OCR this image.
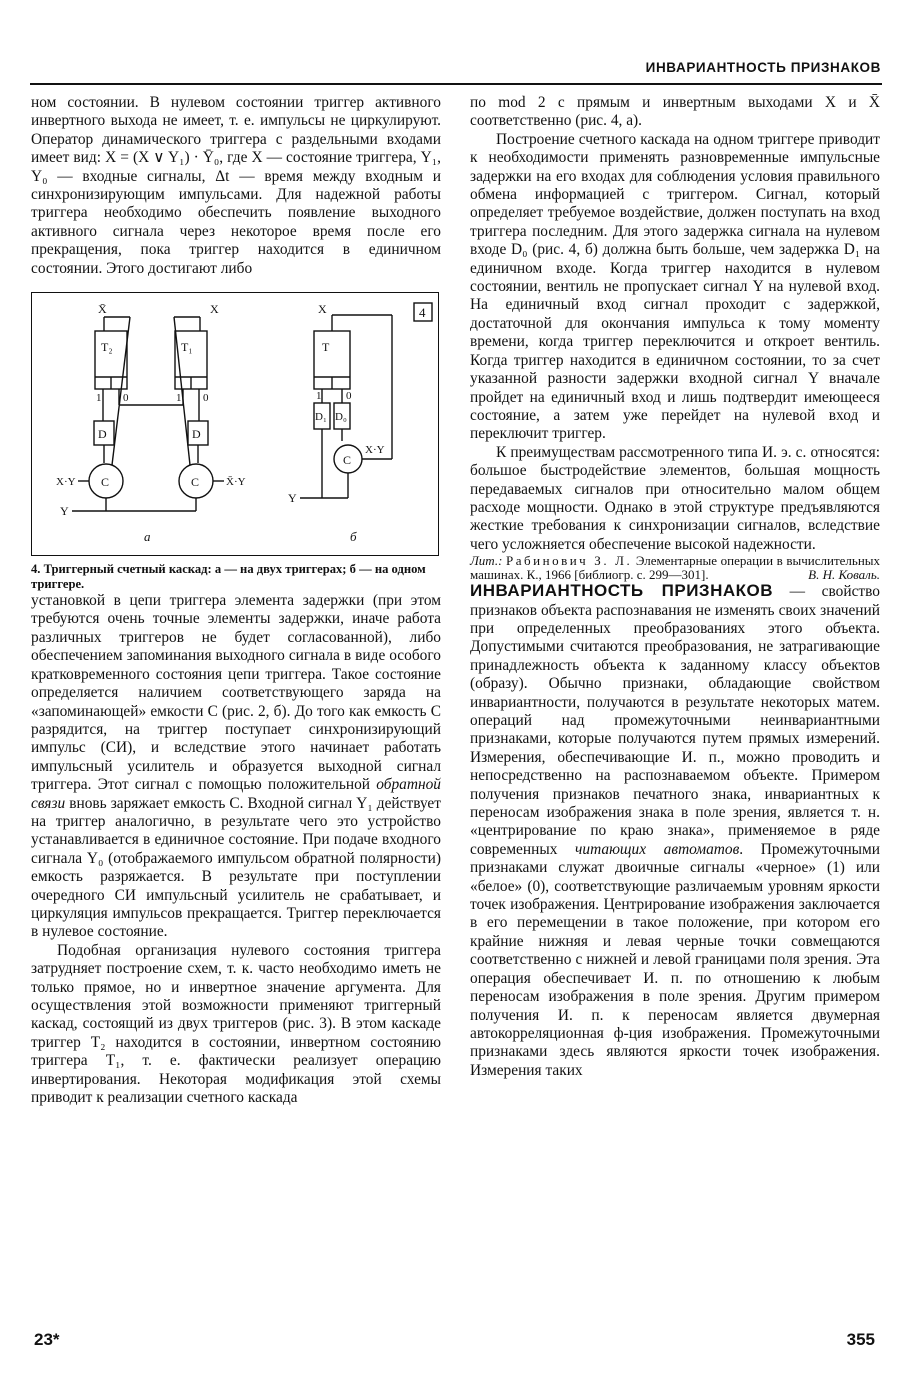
ИНВАРИАНТНОСТЬ ПРИЗНАКОВ

ном состоянии. В нулевом состоянии триггер активного инвертного выхода не имеет, т. е. импульсы не циркулируют. Оператор динамического триггера с раздельными входами имеет вид: X = (X ∨ Y₁) · Ȳ₀, где X — состояние триггера, Y₁, Y₀ — входные сигналы, Δt — время между входным и синхронизирующим импульсами. Для надежной работы триггера необходимо обеспечить появление выходного активного сигнала через некоторое время после его прекращения, пока триггер находится в единичном состоянии. Этого достигают либо

4
T₂	T₁
X̄	X
1 0	1 0
D	D
C	C
X·Y	X̄·Y
Y
а
X
T
1 0
D₁ D₀
C
X·Y
Y
б

4. Триггерный счетный каскад: а — на двух триггерах; б — на одном триггере.

установкой в цепи триггера элемента задержки (при этом требуются очень точные элементы задержки, иначе работа различных триггеров не будет согласованной), либо обеспечением запоминания выходного сигнала в виде особого кратковременного состояния цепи триггера. Такое состояние определяется наличием соответствующего заряда на «запоминающей» емкости C (рис. 2, б). До того как емкость C разрядится, на триггер поступает синхронизирующий импульс (СИ), и вследствие этого начинает работать импульсный усилитель и образуется выходной сигнал триггера. Этот сигнал с помощью положительной обратной связи вновь заряжает емкость C. Входной сигнал Y₁ действует на триггер аналогично, в результате чего это устройство устанавливается в единичное состояние. При подаче входного сигнала Y₀ (отображаемого импульсом обратной полярности) емкость разряжается. В результате при поступлении очередного СИ импульсный усилитель не срабатывает, и циркуляция импульсов прекращается. Триггер переключается в нулевое состояние.

Подобная организация нулевого состояния триггера затрудняет построение схем, т. к. часто необходимо иметь не только прямое, но и инвертное значение аргумента. Для осуществления этой возможности применяют триггерный каскад, состоящий из двух триггеров (рис. 3). В этом каскаде триггер T₂ находится в состоянии, инвертном состоянию триггера T₁, т. е. фактически реализует операцию инвертирования. Некоторая модификация этой схемы приводит к реализации счетного каскада

по mod 2 с прямым и инвертным выходами X и X̄ соответственно (рис. 4, а).

Построение счетного каскада на одном триггере приводит к необходимости применять разновременные импульсные задержки на его входах для соблюдения условия правильного обмена информацией с триггером. Сигнал, который определяет требуемое воздействие, должен поступать на вход триггера последним. Для этого задержка сигнала на нулевом входе D₀ (рис. 4, б) должна быть больше, чем задержка D₁ на единичном входе. Когда триггер находится в нулевом состоянии, вентиль не пропускает сигнал Y на нулевой вход. На единичный вход сигнал проходит с задержкой, достаточной для окончания импульса к тому моменту времени, когда триггер переключится и откроет вентиль. Когда триггер находится в единичном состоянии, то за счет указанной разности задержки входной сигнал Y вначале пройдет на единичный вход и лишь подтвердит имеющееся состояние, а затем уже перейдет на нулевой вход и переключит триггер.

К преимуществам рассмотренного типа И. э. с. относятся: большое быстродействие элементов, большая мощность передаваемых сигналов при относительно малом общем расходе мощности. Однако в этой структуре предъявляются жесткие требования к синхронизации сигналов, вследствие чего усложняется обеспечение высокой надежности.

Лит.: Рабинович З. Л. Элементарные операции в вычислительных машинах. К., 1966 [библиогр. с. 299—301].	В. Н. Коваль.

ИНВАРИАНТНОСТЬ ПРИЗНАКОВ — свойство признаков объекта распознавания не изменять своих значений при определенных преобразованиях этого объекта. Допустимыми считаются преобразования, не затрагивающие принадлежность объекта к заданному классу объектов (образу). Обычно признаки, обладающие свойством инвариантности, получаются в результате некоторых матем. операций над промежуточными неинвариантными признаками, которые получаются путем прямых измерений. Измерения, обеспечивающие И. п., можно проводить и непосредственно на распознаваемом объекте. Примером получения признаков печатного знака, инвариантных к переносам изображения знака в поле зрения, является т. н. «центрирование по краю знака», применяемое в ряде современных читающих автоматов. Промежуточными признаками служат двоичные сигналы «черное» (1) или «белое» (0), соответствующие различаемым уровням яркости точек изображения. Центрирование изображения заключается в его перемещении в такое положение, при котором его крайние нижняя и левая черные точки совмещаются соответственно с нижней и левой границами поля зрения. Эта операция обеспечивает И. п. по отношению к любым переносам изображения в поле зрения. Другим примером получения И. п. к переносам является двумерная автокорреляционная ф-ция изображения. Промежуточными признаками здесь являются яркости точек изображения. Измерения таких

23*	355
